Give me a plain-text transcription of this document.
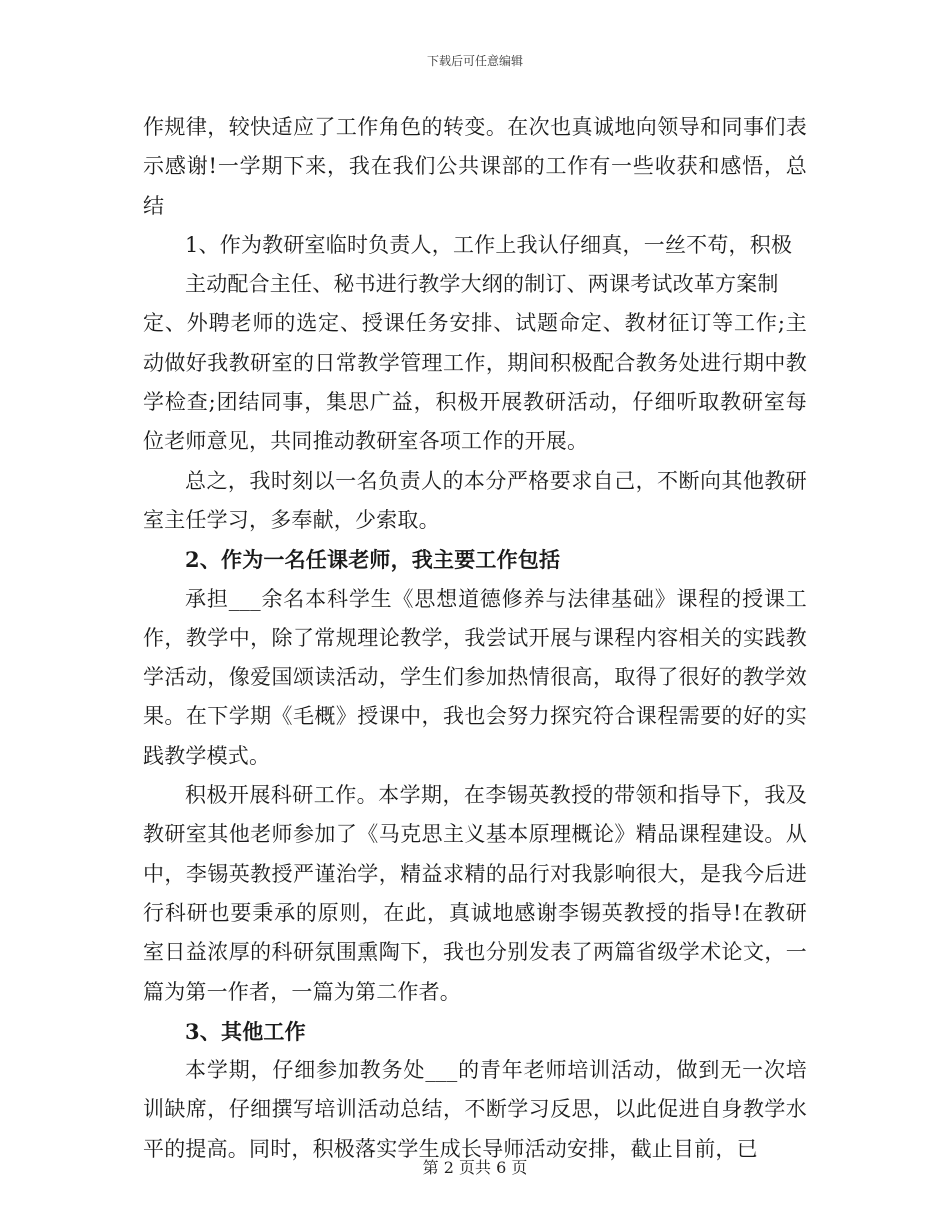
下载后可任意编辑

作规律，较快适应了工作角色的转变。在次也真诚地向领导和同事们表示感谢!一学期下来，我在我们公共课部的工作有一些收获和感悟，总结

1、作为教研室临时负责人，工作上我认仔细真，一丝不苟，积极

主动配合主任、秘书进行教学大纲的制订、两课考试改革方案制

定、外聘老师的选定、授课任务安排、试题命定、教材征订等工作;主动做好我教研室的日常教学管理工作，期间积极配合教务处进行期中教学检查;团结同事，集思广益，积极开展教研活动，仔细听取教研室每位老师意见，共同推动教研室各项工作的开展。

总之，我时刻以一名负责人的本分严格要求自己，不断向其他教研室主任学习，多奉献，少索取。

2、作为一名任课老师，我主要工作包括

承担___余名本科学生《思想道德修养与法律基础》课程的授课工作，教学中，除了常规理论教学，我尝试开展与课程内容相关的实践教学活动，像爱国颂读活动，学生们参加热情很高，取得了很好的教学效果。在下学期《毛概》授课中，我也会努力探究符合课程需要的好的实践教学模式。

积极开展科研工作。本学期，在李锡英教授的带领和指导下，我及教研室其他老师参加了《马克思主义基本原理概论》精品课程建设。从中，李锡英教授严谨治学，精益求精的品行对我影响很大，是我今后进行科研也要秉承的原则，在此，真诚地感谢李锡英教授的指导!在教研室日益浓厚的科研氛围熏陶下，我也分别发表了两篇省级学术论文，一篇为第一作者，一篇为第二作者。

3、其他工作

本学期，仔细参加教务处___的青年老师培训活动，做到无一次培训缺席，仔细撰写培训活动总结，不断学习反思，以此促进自身教学水平的提高。同时，积极落实学生成长导师活动安排，截止目前，已

第 2 页共 6 页
